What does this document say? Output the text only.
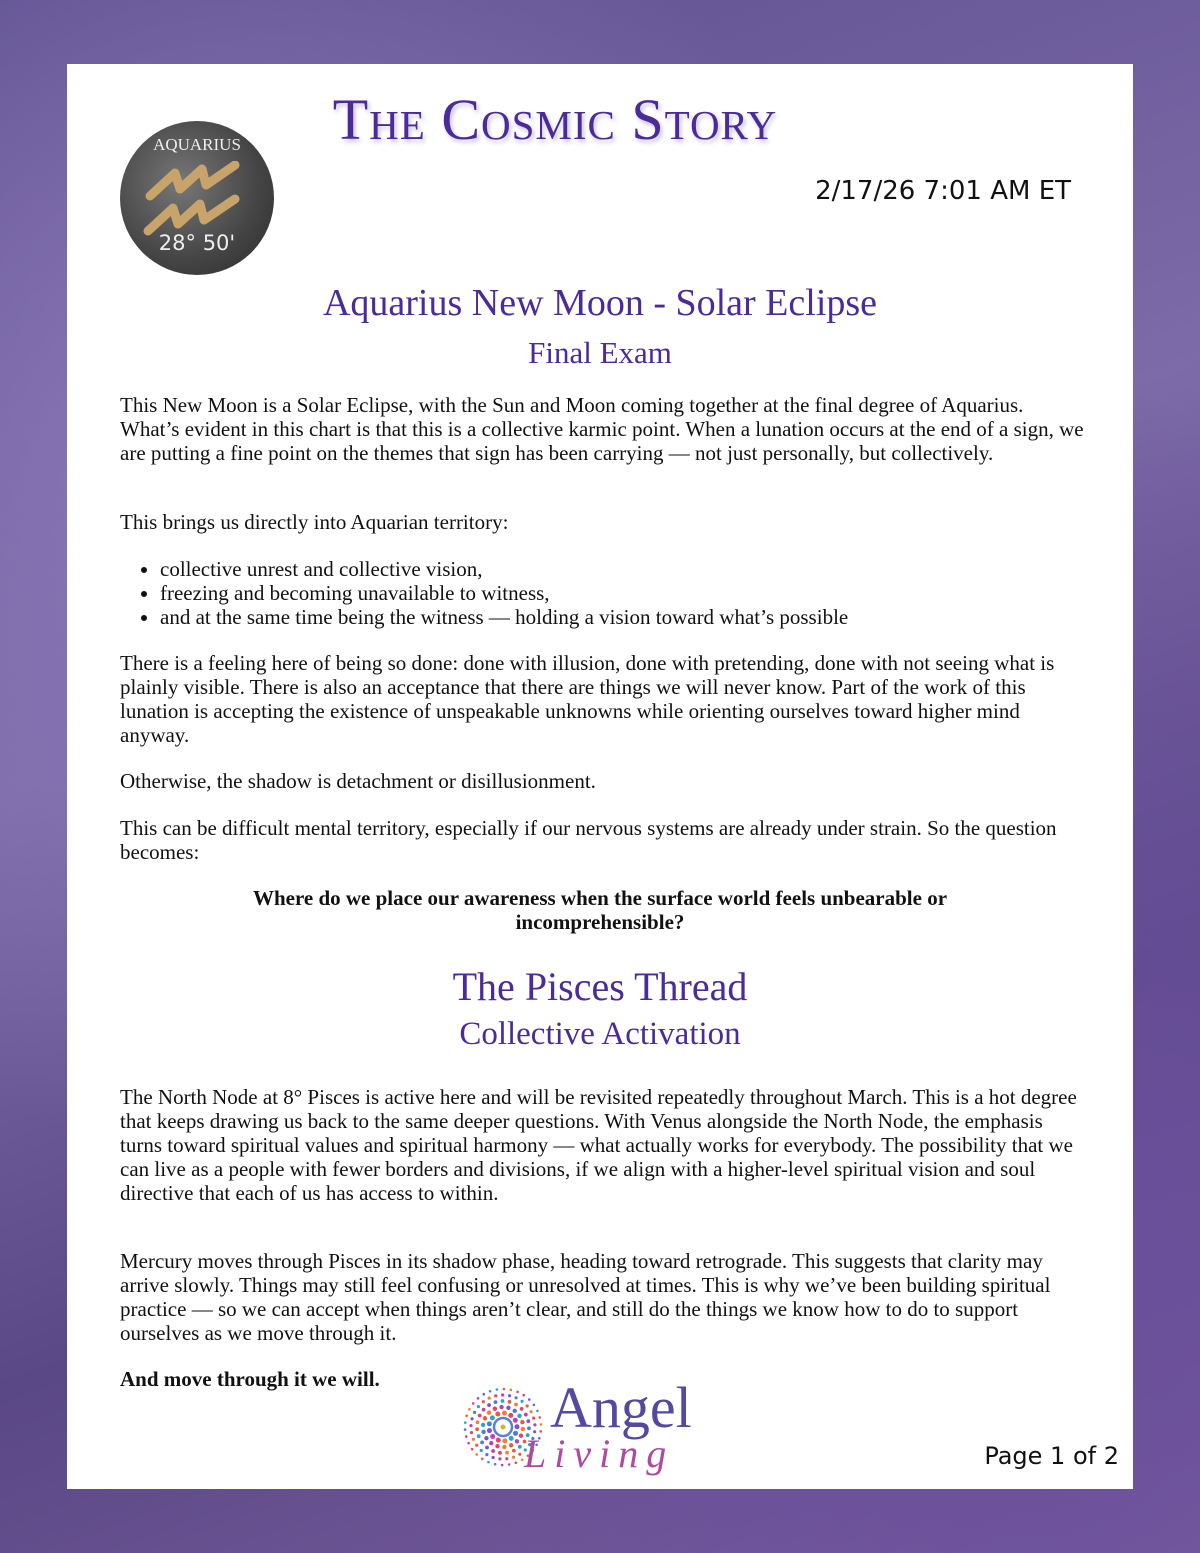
The Cosmic Story
AQUARIUS
28° 50'
2/17/26 7:01 AM ET
Aquarius New Moon - Solar Eclipse
Final Exam
This New Moon is a Solar Eclipse, with the Sun and Moon coming together at the final degree of Aquarius. What’s evident in this chart is that this is a collective karmic point. When a lunation occurs at the end of a sign, we are putting a fine point on the themes that sign has been carrying — not just personally, but collectively.
This brings us directly into Aquarian territory:
• collective unrest and collective vision,
• freezing and becoming unavailable to witness,
• and at the same time being the witness — holding a vision toward what’s possible
There is a feeling here of being so done: done with illusion, done with pretending, done with not seeing what is plainly visible. There is also an acceptance that there are things we will never know. Part of the work of this lunation is accepting the existence of unspeakable unknowns while orienting ourselves toward higher mind anyway.
Otherwise, the shadow is detachment or disillusionment.
This can be difficult mental territory, especially if our nervous systems are already under strain. So the question becomes:
Where do we place our awareness when the surface world feels unbearable or incomprehensible?
The Pisces Thread
Collective Activation
The North Node at 8° Pisces is active here and will be revisited repeatedly throughout March. This is a hot degree that keeps drawing us back to the same deeper questions. With Venus alongside the North Node, the emphasis turns toward spiritual values and spiritual harmony — what actually works for everybody. The possibility that we can live as a people with fewer borders and divisions, if we align with a higher-level spiritual vision and soul directive that each of us has access to within.
Mercury moves through Pisces in its shadow phase, heading toward retrograde. This suggests that clarity may arrive slowly. Things may still feel confusing or unresolved at times. This is why we’ve been building spiritual practice — so we can accept when things aren’t clear, and still do the things we know how to do to support ourselves as we move through it.
And move through it we will.	Angel
Living	Page 1 of 2
